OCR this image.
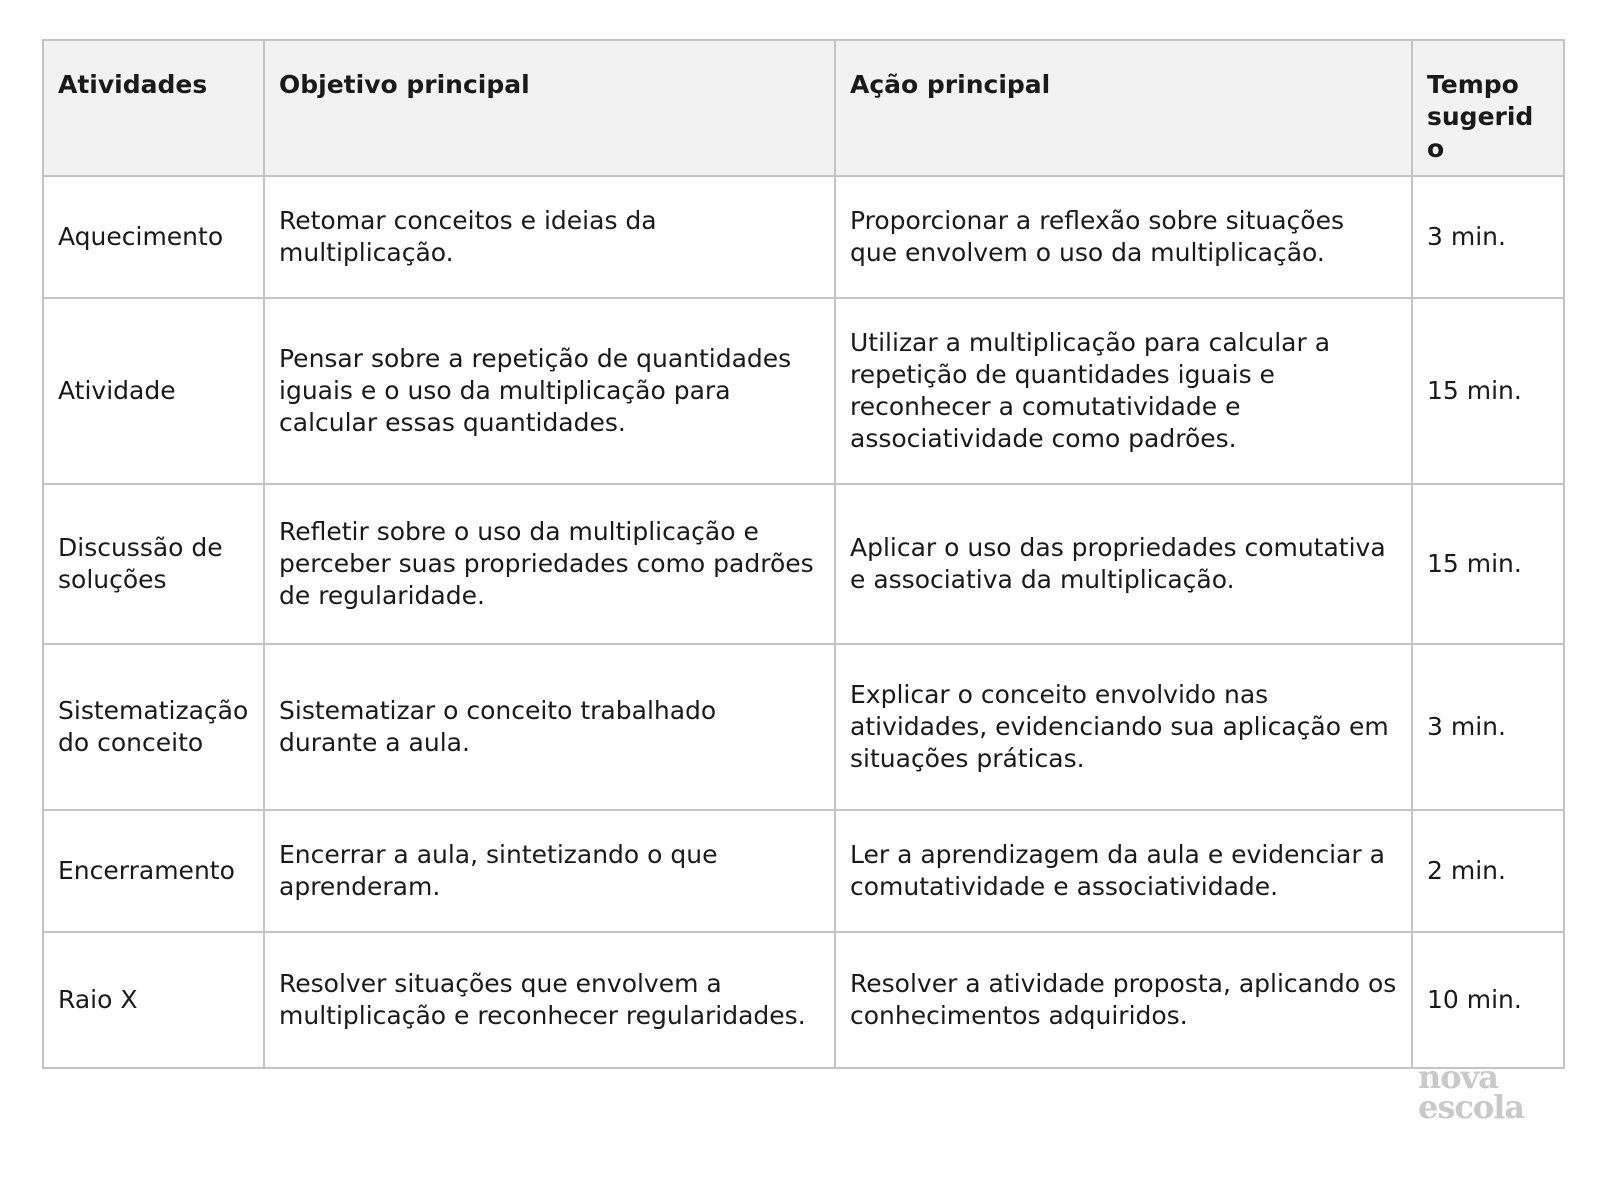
Atividades	Objetivo principal	Ação principal	Tempo sugerido
Aquecimento	Retomar conceitos e ideias da multiplicação.	Proporcionar a reflexão sobre situações que envolvem o uso da multiplicação.	3 min.
Atividade	Pensar sobre a repetição de quantidades iguais e o uso da multiplicação para calcular essas quantidades.	Utilizar a multiplicação para calcular a repetição de quantidades iguais e reconhecer a comutatividade e associatividade como padrões.	15 min.
Discussão de soluções	Refletir sobre o uso da multiplicação e perceber suas propriedades como padrões de regularidade.	Aplicar o uso das propriedades comutativa e associativa da multiplicação.	15 min.
Sistematização do conceito	Sistematizar o conceito trabalhado durante a aula.	Explicar o conceito envolvido nas atividades, evidenciando sua aplicação em situações práticas.	3 min.
Encerramento	Encerrar a aula, sintetizando o que aprenderam.	Ler a aprendizagem da aula e evidenciar a comutatividade e associatividade.	2 min.
Raio X	Resolver situações que envolvem a multiplicação e reconhecer regularidades.	Resolver a atividade proposta, aplicando os conhecimentos adquiridos.	10 min.
nova
escola
